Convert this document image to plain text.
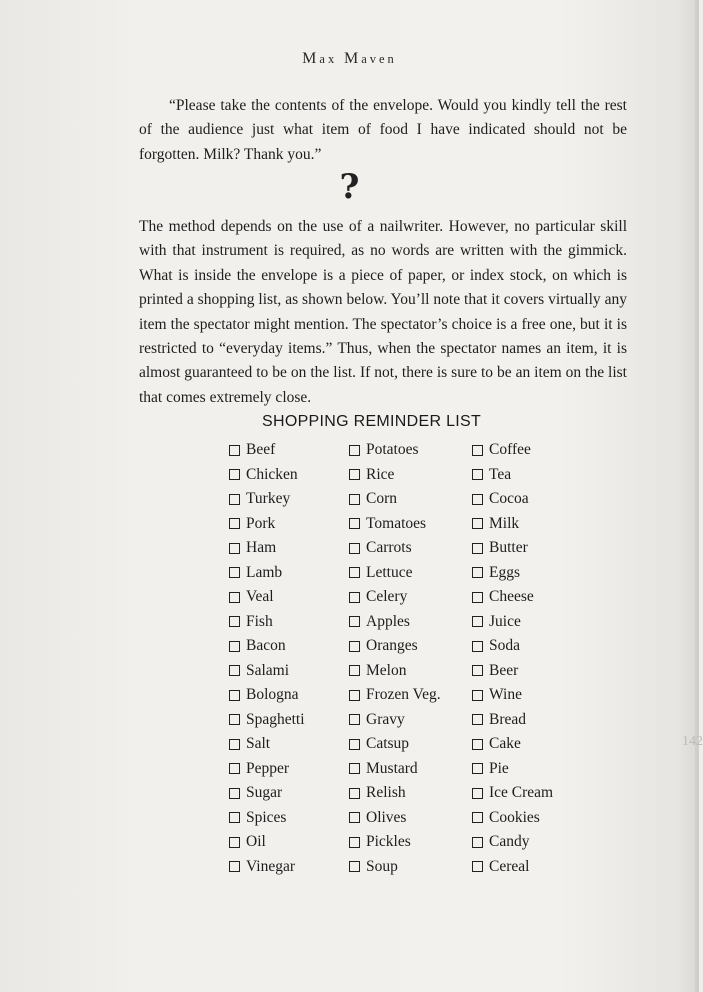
Max Maven
“Please take the contents of the envelope. Would you kindly tell the rest of the audience just what item of food I have indicated should not be forgotten. Milk? Thank you.”
?
The method depends on the use of a nailwriter. However, no particular skill with that instrument is required, as no words are written with the gimmick. What is inside the envelope is a piece of paper, or index stock, on which is printed a shopping list, as shown below. You’ll note that it covers virtually any item the spectator might mention. The spectator’s choice is a free one, but it is restricted to “everyday items.” Thus, when the spectator names an item, it is almost guaranteed to be on the list. If not, there is sure to be an item on the list that comes extremely close.
SHOPPING REMINDER LIST
Beef
Chicken
Turkey
Pork
Ham
Lamb
Veal
Fish
Bacon
Salami
Bologna
Spaghetti
Salt
Pepper
Sugar
Spices
Oil
Vinegar
Potatoes
Rice
Corn
Tomatoes
Carrots
Lettuce
Celery
Apples
Oranges
Melon
Frozen Veg.
Gravy
Catsup
Mustard
Relish
Olives
Pickles
Soup
Coffee
Tea
Cocoa
Milk
Butter
Eggs
Cheese
Juice
Soda
Beer
Wine
Bread
Cake
Pie
Ice Cream
Cookies
Candy
Cereal
142
